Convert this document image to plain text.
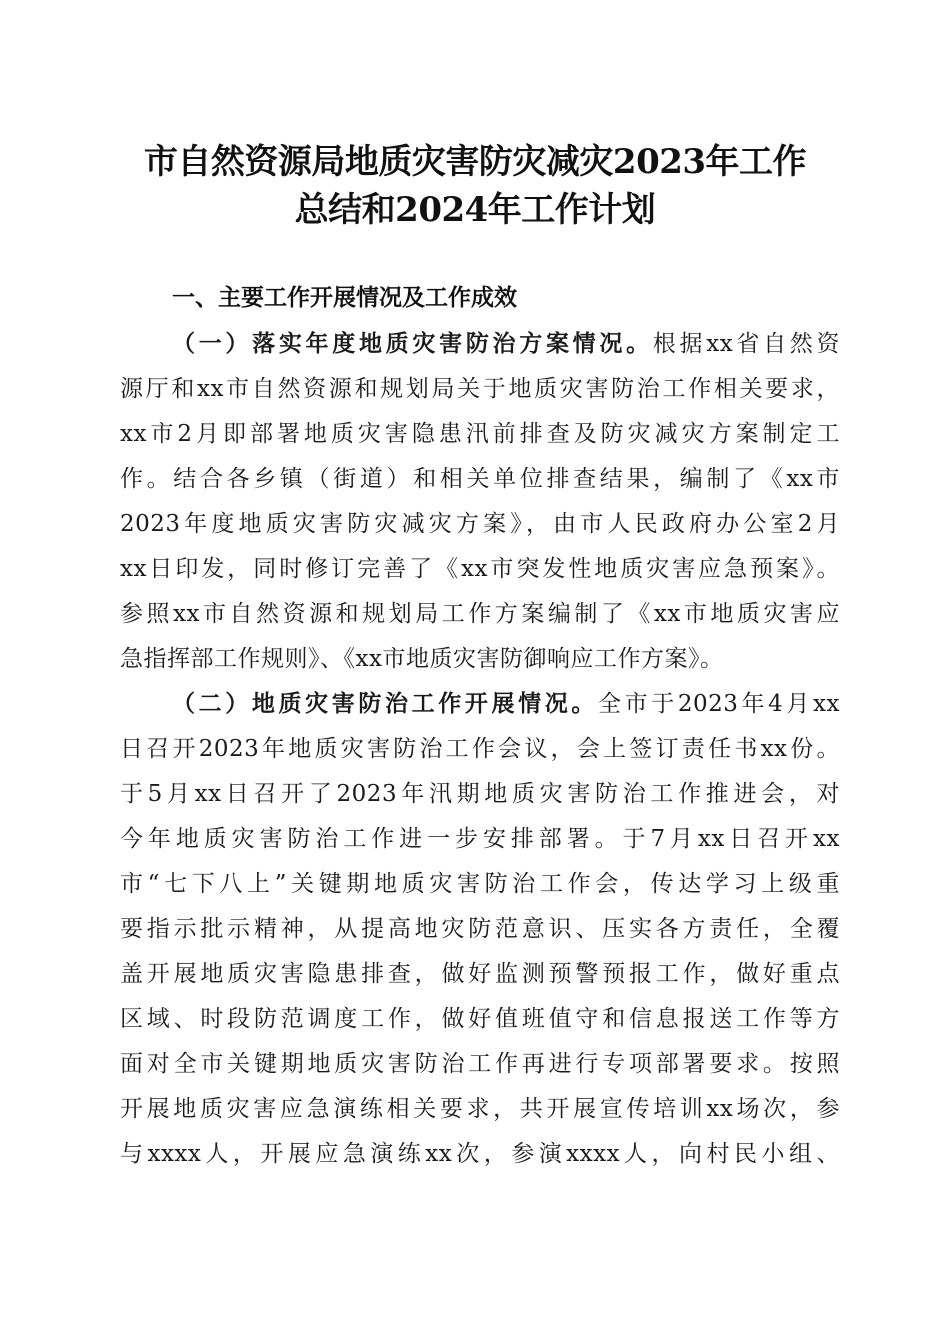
市自然资源局地质灾害防灾减灾2023年工作
总结和2024年工作计划
一、主要工作开展情况及工作成效
（一）落实年度地质灾害防治方案情况。根据xx省自然资
源厅和xx市自然资源和规划局关于地质灾害防治工作相关要求，
xx市2月即部署地质灾害隐患汛前排查及防灾减灾方案制定工
作。结合各乡镇（街道）和相关单位排查结果，编制了《xx市
2023年度地质灾害防灾减灾方案》，由市人民政府办公室2月
xx日印发，同时修订完善了《xx市突发性地质灾害应急预案》。
参照xx市自然资源和规划局工作方案编制了《xx市地质灾害应
急指挥部工作规则》、《xx市地质灾害防御响应工作方案》。
（二）地质灾害防治工作开展情况。全市于2023年4月xx
日召开2023年地质灾害防治工作会议，会上签订责任书xx份。
于5月xx日召开了2023年汛期地质灾害防治工作推进会，对
今年地质灾害防治工作进一步安排部署。于7月xx日召开xx
市“七下八上”关键期地质灾害防治工作会，传达学习上级重
要指示批示精神，从提高地灾防范意识、压实各方责任，全覆
盖开展地质灾害隐患排查，做好监测预警预报工作，做好重点
区域、时段防范调度工作，做好值班值守和信息报送工作等方
面对全市关键期地质灾害防治工作再进行专项部署要求。按照
开展地质灾害应急演练相关要求，共开展宣传培训xx场次，参
与xxxx人，开展应急演练xx次，参演xxxx人，向村民小组、
